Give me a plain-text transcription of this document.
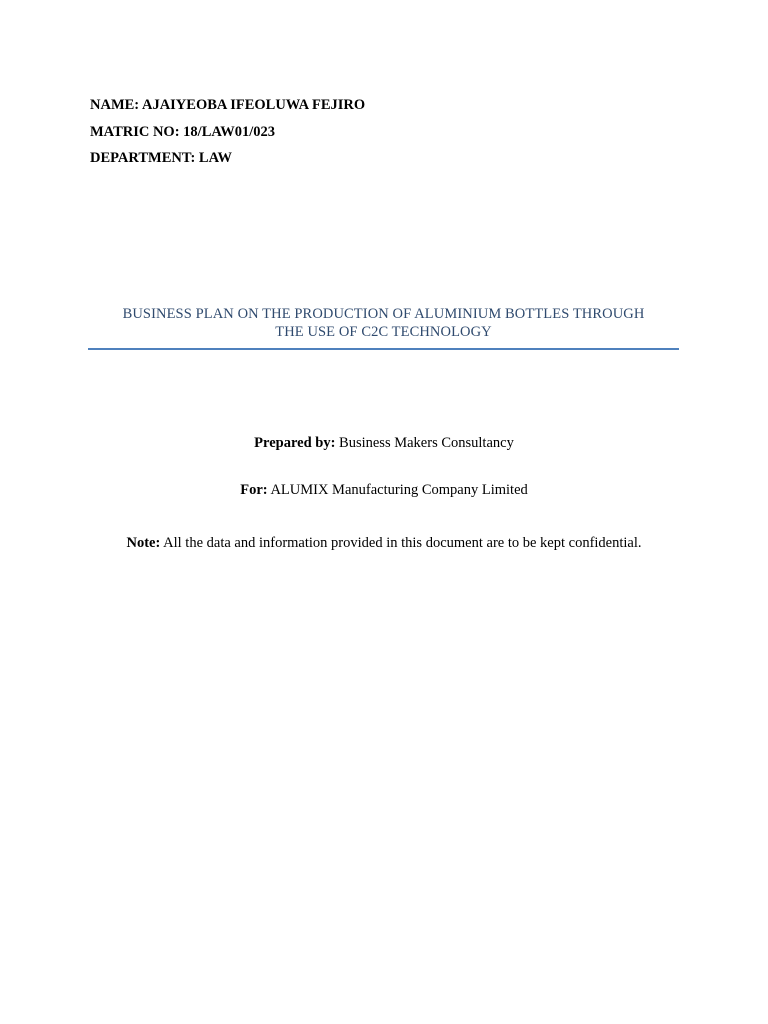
NAME: AJAIYEOBA IFEOLUWA FEJIRO
MATRIC NO: 18/LAW01/023
DEPARTMENT: LAW
BUSINESS PLAN ON THE PRODUCTION OF ALUMINIUM BOTTLES THROUGH
THE USE OF C2C TECHNOLOGY
Prepared by: Business Makers Consultancy
For: ALUMIX Manufacturing Company Limited
Note: All the data and information provided in this document are to be kept confidential.
